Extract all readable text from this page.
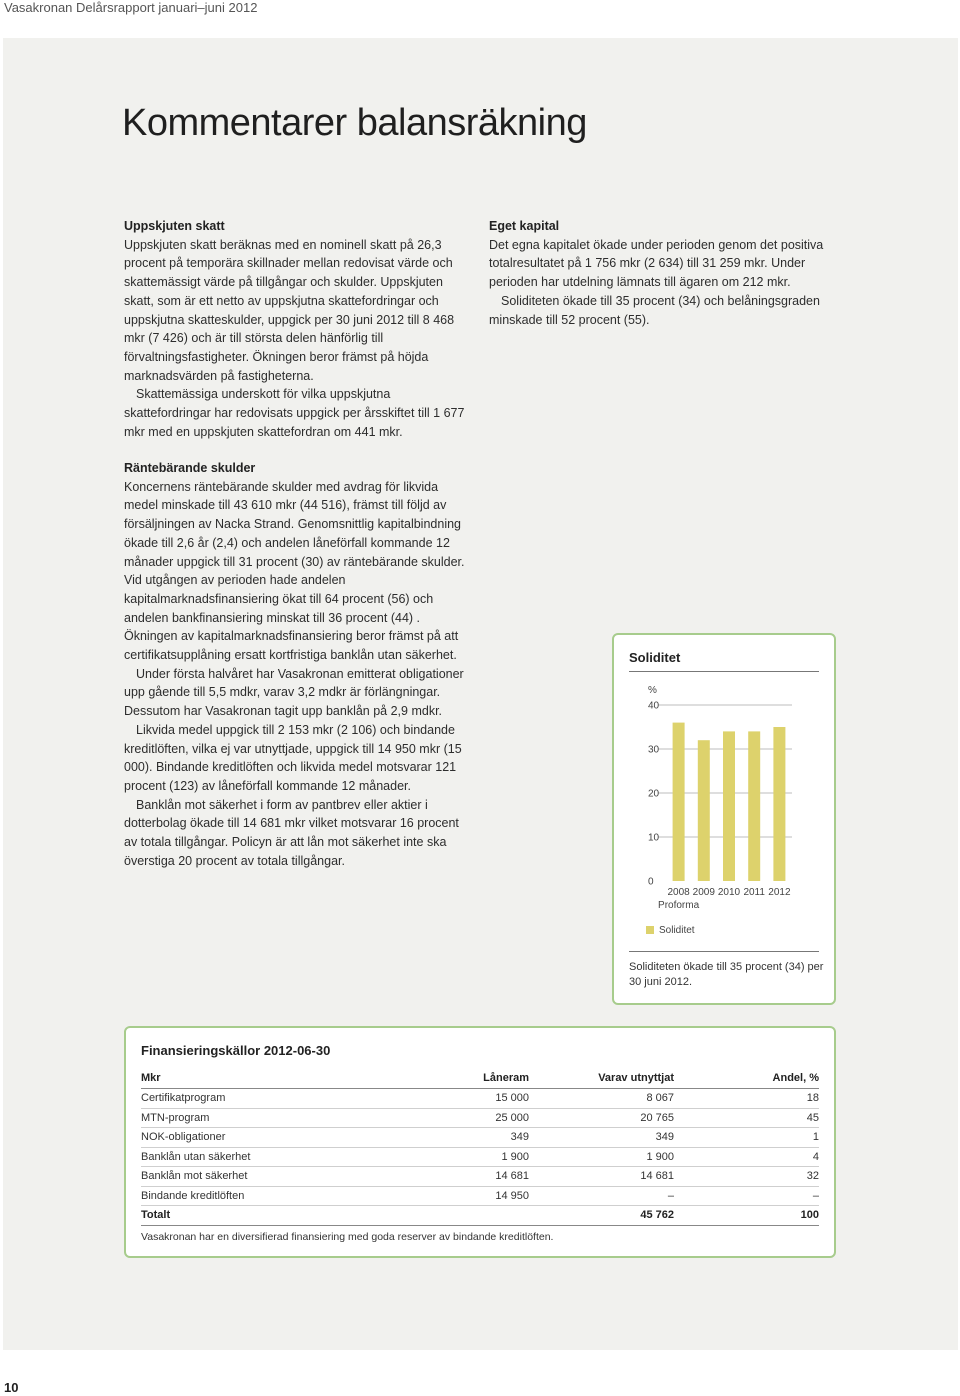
Vasakronan Delårsrapport januari–juni 2012
Kommentarer balansräkning
Uppskjuten skatt

Uppskjuten skatt beräknas med en nominell skatt på 26,3 procent på temporära skillnader mellan redovisat värde och skattemässigt värde på tillgångar och skulder. Uppskjuten skatt, som är ett netto av uppskjutna skattefordringar och uppskjutna skatteskulder, uppgick per 30 juni 2012 till 8 468 mkr (7 426) och är till största delen hänförlig till förvaltningsfastigheter. Ökningen beror främst på höjda marknadsvärden på fastigheterna.

Skattemässiga underskott för vilka uppskjutna skattefordringar har redovisats uppgick per årsskiftet till 1 677 mkr med en uppskjuten skattefordran om 441 mkr.

Eget kapital

Det egna kapitalet ökade under perioden genom det positiva totalresultatet på 1 756 mkr (2 634) till 31 259 mkr. Under perioden har utdelning lämnats till ägaren om 212 mkr.

Soliditeten ökade till 35 procent (34) och belåningsgraden minskade till 52 procent (55).

Räntebärande skulder

Koncernens räntebärande skulder med avdrag för likvida medel minskade till 43 610 mkr (44 516), främst till följd av försäljningen av Nacka Strand. Genomsnittlig kapitalbindning ökade till 2,6 år (2,4) och andelen låneförfall kommande 12 månader uppgick till 31 procent (30) av räntebärande skulder. Vid utgången av perioden hade andelen kapitalmarknadsfinansiering ökat till 64 procent (56) och andelen bankfinansiering minskat till 36 procent (44) . Ökningen av kapitalmarknadsfinansiering beror främst på att certifikatsupplåning ersatt kortfristiga banklån utan säkerhet.

Under första halvåret har Vasakronan emitterat obligationer upp gående till 5,5 mdkr, varav 3,2 mdkr är förlängningar. Dessutom har Vasakronan tagit upp banklån på 2,9 mdkr.

Likvida medel uppgick till 2 153 mkr (2 106) och bindande kreditlöften, vilka ej var utnyttjade, uppgick till 14 950 mkr (15 000). Bindande kreditlöften och likvida medel motsvarar 121 procent (123) av låneförfall kommande 12 månader.

Banklån mot säkerhet i form av pantbrev eller aktier i dotterbolag ökade till 14 681 mkr vilket motsvarar 16 procent av totala tillgångar. Policyn är att lån mot säkerhet inte ska överstiga 20 procent av totala tillgångar.

Soliditet
%
0
10
20
30
40
2008
Proforma
2009 2010 2011 2012
Soliditet
Soliditeten ökade till 35 procent (34) per 30 juni 2012.
Finansieringskällor 2012-06-30
Mkr	Låneram	Varav utnyttjat	Andel, %
Certifikatprogram	15 000	8 067	18
MTN-program	25 000	20 765	45
NOK-obligationer	349	349	1
Banklån utan säkerhet	1 900	1 900	4
Banklån mot säkerhet	14 681	14 681	32
Bindande kreditlöften	14 950	–	–
Totalt		45 762	100
Vasakronan har en diversifierad finansiering med goda reserver av bindande kreditlöften.
10
